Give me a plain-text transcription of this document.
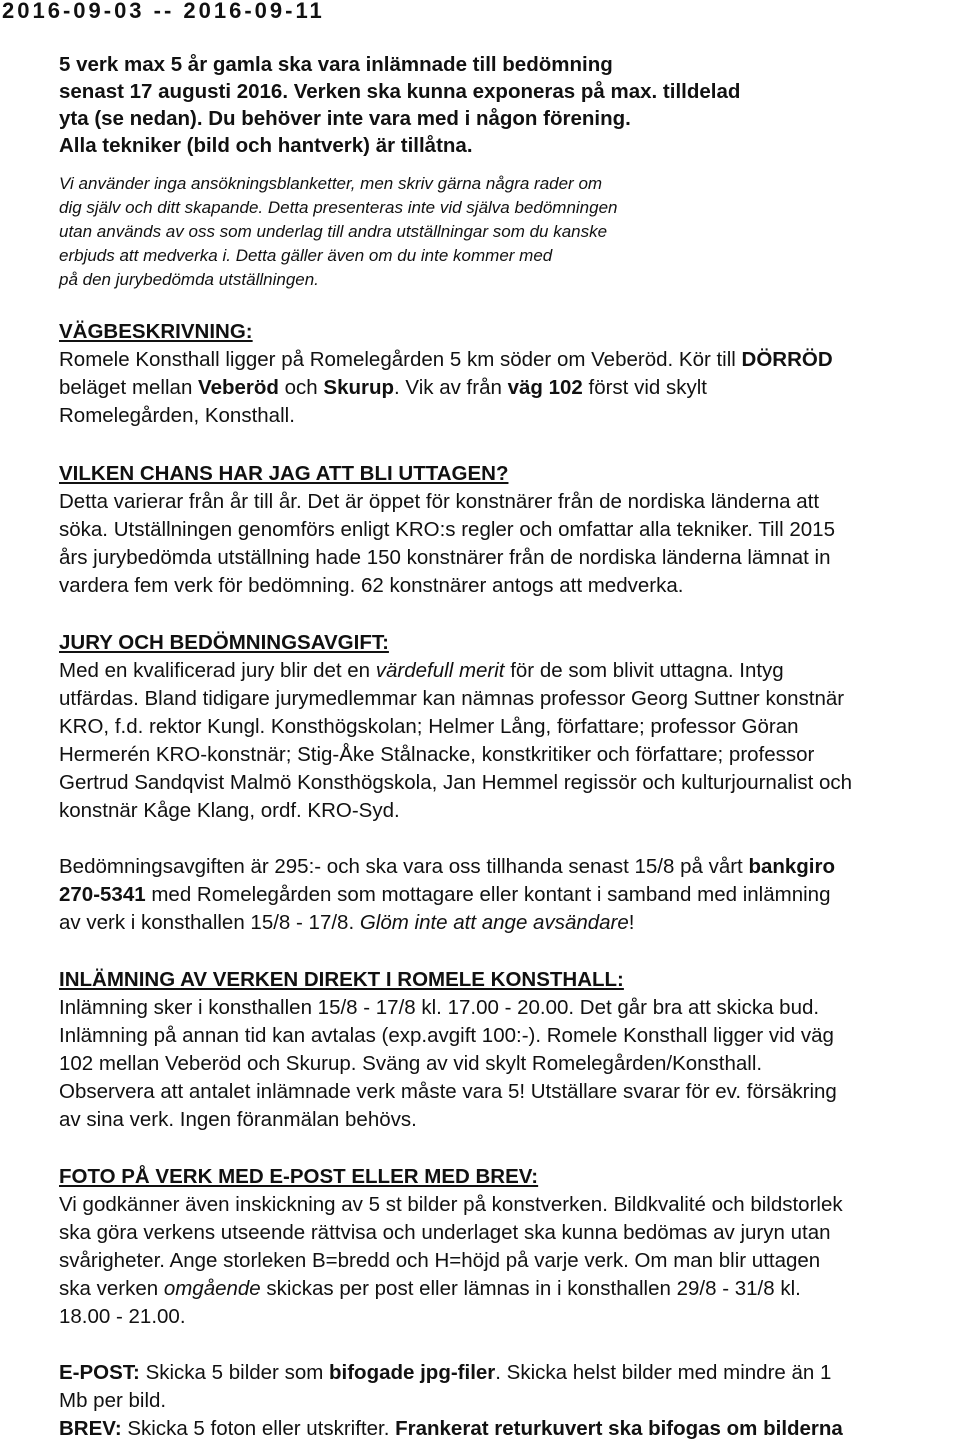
2016-09-03 -- 2016-09-11
5 verk max 5 år gamla ska vara inlämnade till bedömning
senast 17 augusti 2016. Verken ska kunna exponeras på max. tilldelad
yta (se nedan). Du behöver inte vara med i någon förening.
Alla tekniker (bild och hantverk) är tillåtna.
Vi använder inga ansökningsblanketter, men skriv gärna några rader om
dig själv och ditt skapande. Detta presenteras inte vid själva bedömningen
utan används av oss som underlag till andra utställningar som du kanske
erbjuds att medverka i. Detta gäller även om du inte kommer med
på den jurybedömda utställningen.
VÄGBESKRIVNING:
Romele Konsthall ligger på Romelegården 5 km söder om Veberöd. Kör till DÖRRÖD
beläget mellan Veberöd och Skurup. Vik av från väg 102 först vid skylt
Romelegården, Konsthall.
VILKEN CHANS HAR JAG ATT BLI UTTAGEN?
Detta varierar från år till år. Det är öppet för konstnärer från de nordiska länderna att
söka. Utställningen genomförs enligt KRO:s regler och omfattar alla tekniker. Till 2015
års jurybedömda utställning hade 150 konstnärer från de nordiska länderna lämnat in
vardera fem verk för bedömning. 62 konstnärer antogs att medverka.
JURY OCH BEDÖMNINGSAVGIFT:
Med en kvalificerad jury blir det en värdefull merit för de som blivit uttagna. Intyg
utfärdas. Bland tidigare jurymedlemmar kan nämnas professor Georg Suttner konstnär
KRO, f.d. rektor Kungl. Konsthögskolan; Helmer Lång, författare; professor Göran
Hermerén KRO-konstnär; Stig-Åke Stålnacke, konstkritiker och författare; professor
Gertrud Sandqvist Malmö Konsthögskola, Jan Hemmel regissör och kulturjournalist och
konstnär Kåge Klang, ordf. KRO-Syd.
Bedömningsavgiften är 295:- och ska vara oss tillhanda senast 15/8 på vårt bankgiro
270-5341 med Romelegården som mottagare eller kontant i samband med inlämning
av verk i konsthallen 15/8 - 17/8. Glöm inte att ange avsändare!
INLÄMNING AV VERKEN DIREKT I ROMELE KONSTHALL:
Inlämning sker i konsthallen 15/8 - 17/8 kl. 17.00 - 20.00. Det går bra att skicka bud.
Inlämning på annan tid kan avtalas (exp.avgift 100:-). Romele Konsthall ligger vid väg
102 mellan Veberöd och Skurup. Sväng av vid skylt Romelegården/Konsthall.
Observera att antalet inlämnade verk måste vara 5! Utställare svarar för ev. försäkring
av sina verk. Ingen föranmälan behövs.
FOTO PÅ VERK MED E-POST ELLER MED BREV:
Vi godkänner även inskickning av 5 st bilder på konstverken. Bildkvalité och bildstorlek
ska göra verkens utseende rättvisa och underlaget ska kunna bedömas av juryn utan
svårigheter. Ange storleken B=bredd och H=höjd på varje verk. Om man blir uttagen
ska verken omgående skickas per post eller lämnas in i konsthallen 29/8 - 31/8 kl.
18.00 - 21.00.
E-POST: Skicka 5 bilder som bifogade jpg-filer. Skicka helst bilder med mindre än 1
Mb per bild.
BREV: Skicka 5 foton eller utskrifter. Frankerat returkuvert ska bifogas om bilderna
